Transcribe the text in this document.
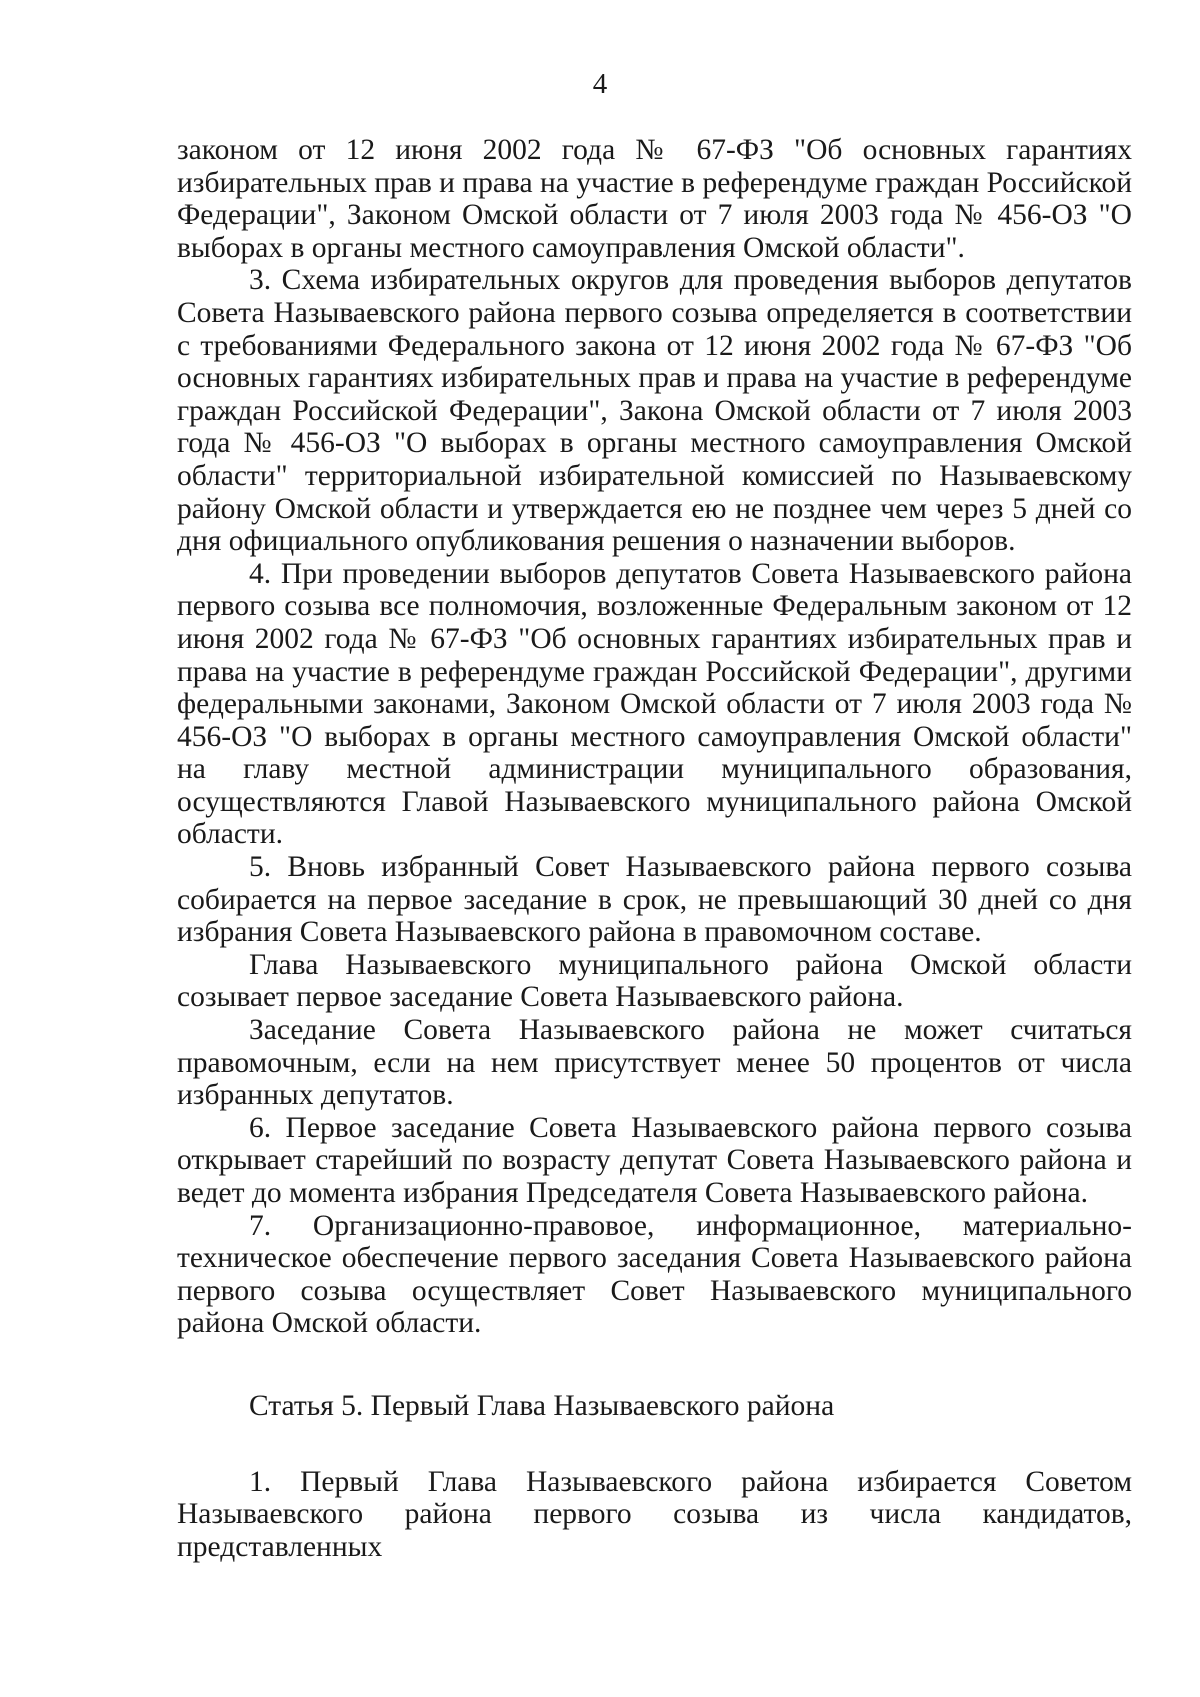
4

законом от 12 июня 2002 года № 67-ФЗ "Об основных гарантиях избирательных прав и права на участие в референдуме граждан Российской Федерации", Законом Омской области от 7 июля 2003 года № 456-ОЗ "О выборах в органы местного самоуправления Омской области".

3. Схема избирательных округов для проведения выборов депутатов Совета Называевского района первого созыва определяется в соответствии с требованиями Федерального закона от 12 июня 2002 года № 67-ФЗ "Об основных гарантиях избирательных прав и права на участие в референдуме граждан Российской Федерации", Закона Омской области от 7 июля 2003 года № 456-ОЗ "О выборах в органы местного самоуправления Омской области" территориальной избирательной комиссией по Называевскому району Омской области и утверждается ею не позднее чем через 5 дней со дня официального опубликования решения о назначении выборов.

4. При проведении выборов депутатов Совета Называевского района первого созыва все полномочия, возложенные Федеральным законом от 12 июня 2002 года № 67-ФЗ "Об основных гарантиях избирательных прав и права на участие в референдуме граждан Российской Федерации", другими федеральными законами, Законом Омской области от 7 июля 2003 года № 456-ОЗ "О выборах в органы местного самоуправления Омской области" на главу местной администрации муниципального образования, осуществляются Главой Называевского муниципального района Омской области.

5. Вновь избранный Совет Называевского района первого созыва собирается на первое заседание в срок, не превышающий 30 дней со дня избрания Совета Называевского района в правомочном составе.

Глава Называевского муниципального района Омской области созывает первое заседание Совета Называевского района.

Заседание Совета Называевского района не может считаться правомочным, если на нем присутствует менее 50 процентов от числа избранных депутатов.

6. Первое заседание Совета Называевского района первого созыва открывает старейший по возрасту депутат Совета Называевского района и ведет до момента избрания Председателя Совета Называевского района.

7. Организационно-правовое, информационное, материально-техническое обеспечение первого заседания Совета Называевского района первого созыва осуществляет Совет Называевского муниципального района Омской области.

Статья 5. Первый Глава Называевского района

1. Первый Глава Называевского района избирается Советом Называевского района первого созыва из числа кандидатов, представленных
